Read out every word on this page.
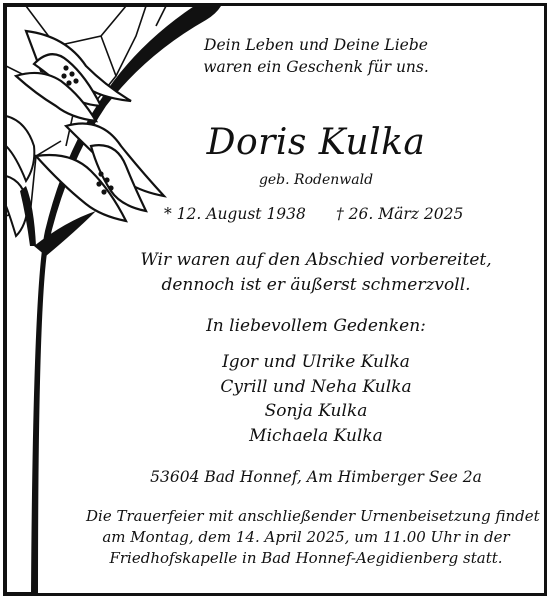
Dein Leben und Deine Liebe
waren ein Geschenk für uns.
Doris Kulka
geb. Rodenwald
* 12. August 1938 † 26. März 2025
Wir waren auf den Abschied vorbereitet,
dennoch ist er äußerst schmerzvoll.
In liebevollem Gedenken:
Igor und Ulrike Kulka
Cyrill und Neha Kulka
Sonja Kulka
Michaela Kulka
53604 Bad Honnef, Am Himberger See 2a
Die Trauerfeier mit anschließender Urnenbeisetzung findet
am Montag, dem 14. April 2025, um 11.00 Uhr in der
Friedhofskapelle in Bad Honnef-Aegidienberg statt.
